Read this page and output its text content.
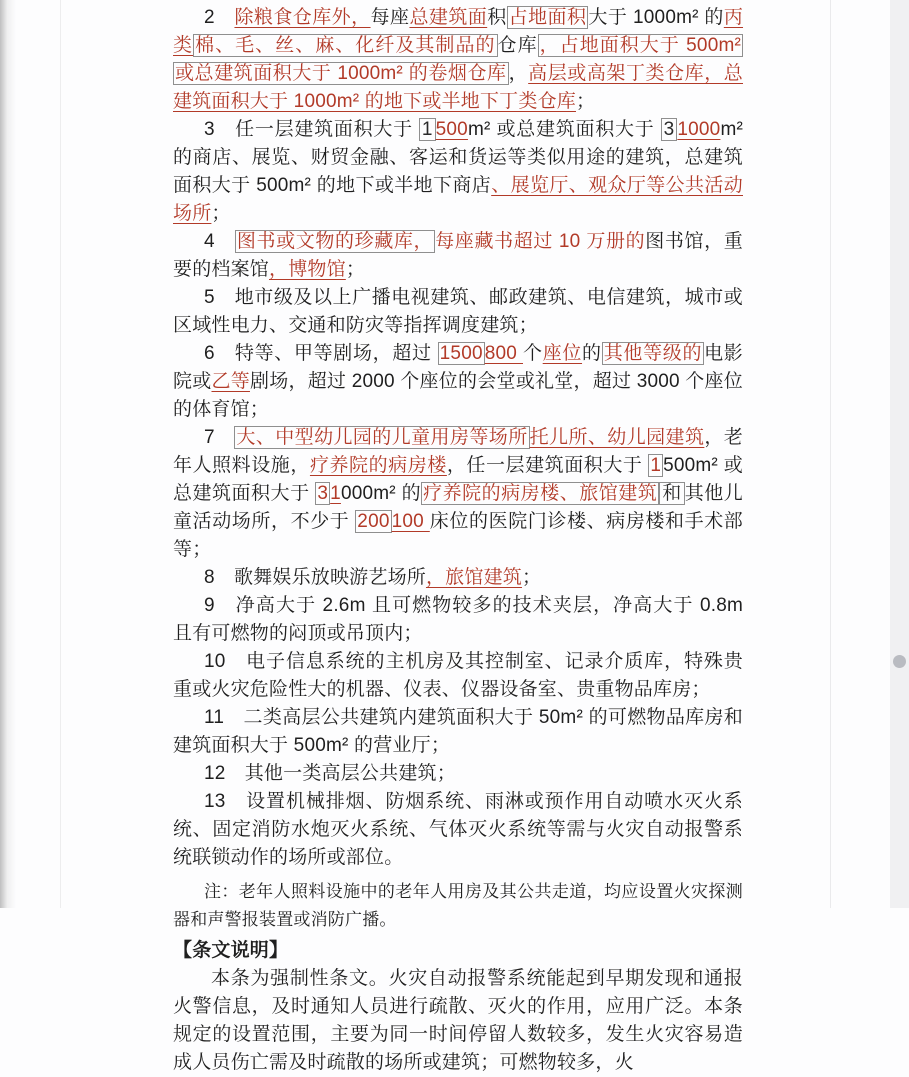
2　除粮食仓库外，每座总建筑面积 占地面积 大于 1000m² 的丙类 棉、毛、丝、麻、化纤及其制品的 仓库 ，占地面积大于 500m² 或总建筑面积大于 1000m² 的卷烟仓库 ，高层或高架丁类仓库，总建筑面积大于 1000m² 的地下或半地下丁类仓库；

3　任一层建筑面积大于 1 500m² 或总建筑面积大于 3 1000m² 的商店、展览、财贸金融、客运和货运等类似用途的建筑，总建筑面积大于 500m² 的地下或半地下商店、展览厅、观众厅等公共活动场所；

4　图书或文物的珍藏库， 每座藏书超过 10 万册的图书馆，重要的档案馆，博物馆；

5　地市级及以上广播电视建筑、邮政建筑、电信建筑，城市或区域性电力、交通和防灾等指挥调度建筑；

6　特等、甲等剧场，超过 1500 800 个座位的 其他等级的 电影院或乙等剧场，超过 2000 个座位的会堂或礼堂，超过 3000 个座位的体育馆；

7　大、中型幼儿园的儿童用房等场所 托儿所、幼儿园建筑，老年人照料设施，疗养院的病房楼，任一层建筑面积大于 1 500m² 或总建筑面积大于 3 1000m² 的 疗养院的病房楼、旅馆建筑 和 其他儿童活动场所，不少于 200 100 床位的医院门诊楼、病房楼和手术部等；

8　歌舞娱乐放映游艺场所，旅馆建筑；

9　净高大于 2.6m 且可燃物较多的技术夹层，净高大于 0.8m 且有可燃物的闷顶或吊顶内；

10　电子信息系统的主机房及其控制室、记录介质库，特殊贵重或火灾危险性大的机器、仪表、仪器设备室、贵重物品库房；

11　二类高层公共建筑内建筑面积大于 50m² 的可燃物品库房和建筑面积大于 500m² 的营业厅；

12　其他一类高层公共建筑；

13　设置机械排烟、防烟系统、雨淋或预作用自动喷水灭火系统、固定消防水炮灭火系统、气体灭火系统等需与火灾自动报警系统联锁动作的场所或部位。

注：老年人照料设施中的老年人用房及其公共走道，均应设置火灾探测器和声警报装置或消防广播。

【条文说明】

本条为强制性条文。火灾自动报警系统能起到早期发现和通报火警信息，及时通知人员进行疏散、灭火的作用，应用广泛。本条规定的设置范围，主要为同一时间停留人数较多，发生火灾容易造成人员伤亡需及时疏散的场所或建筑；可燃物较多，火
